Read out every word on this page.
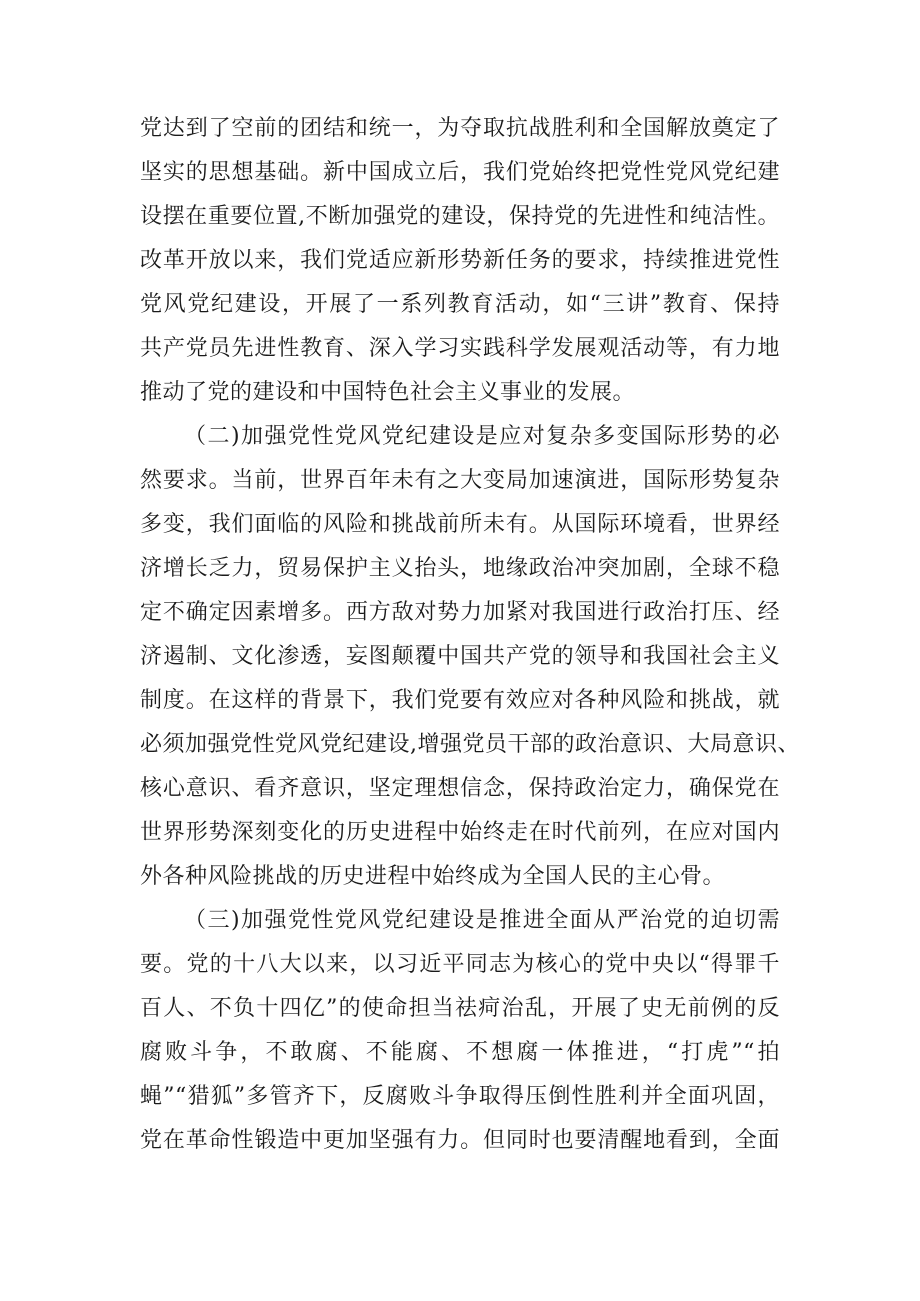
党达到了空前的团结和统一，为夺取抗战胜利和全国解放奠定了
坚实的思想基础。新中国成立后，我们党始终把党性党风党纪建
设摆在重要位置,不断加强党的建设，保持党的先进性和纯洁性。
改革开放以来，我们党适应新形势新任务的要求，持续推进党性
党风党纪建设，开展了一系列教育活动，如“三讲”教育、保持
共产党员先进性教育、深入学习实践科学发展观活动等，有力地
推动了党的建设和中国特色社会主义事业的发展。
（二)加强党性党风党纪建设是应对复杂多变国际形势的必
然要求。当前，世界百年未有之大变局加速演进，国际形势复杂
多变，我们面临的风险和挑战前所未有。从国际环境看，世界经
济增长乏力，贸易保护主义抬头，地缘政治冲突加剧，全球不稳
定不确定因素增多。西方敌对势力加紧对我国进行政治打压、经
济遏制、文化渗透，妄图颠覆中国共产党的领导和我国社会主义
制度。在这样的背景下，我们党要有效应对各种风险和挑战，就
必须加强党性党风党纪建设,增强党员干部的政治意识、大局意识、
核心意识、看齐意识，坚定理想信念，保持政治定力，确保党在
世界形势深刻变化的历史进程中始终走在时代前列，在应对国内
外各种风险挑战的历史进程中始终成为全国人民的主心骨。
（三)加强党性党风党纪建设是推进全面从严治党的迫切需
要。党的十八大以来，以习近平同志为核心的党中央以“得罪千
百人、不负十四亿”的使命担当祛疴治乱，开展了史无前例的反
腐败斗争，不敢腐、不能腐、不想腐一体推进，“打虎”“拍
蝇”“猎狐”多管齐下，反腐败斗争取得压倒性胜利并全面巩固，
党在革命性锻造中更加坚强有力。但同时也要清醒地看到，全面
